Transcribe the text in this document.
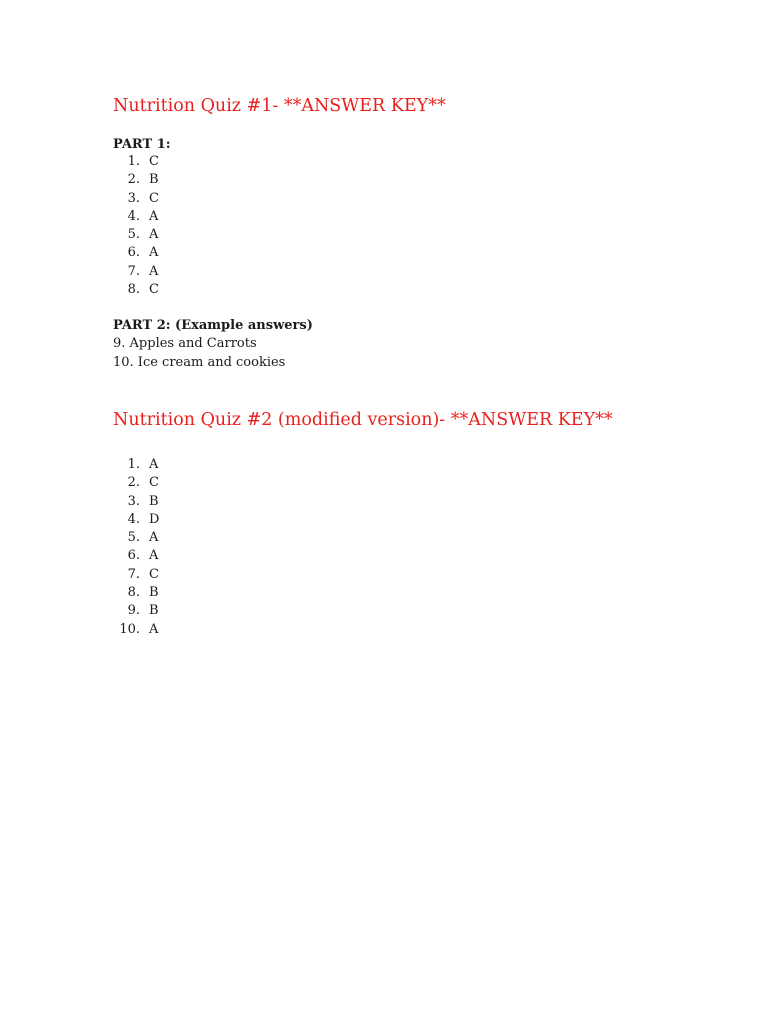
Nutrition Quiz #1- **ANSWER KEY**

PART 1:

1. C
2. B
3. C
4. A
5. A
6. A
7. A
8. C

PART 2: (Example answers)

9. Apples and Carrots
10. Ice cream and cookies
Nutrition Quiz #2 (modified version)- **ANSWER KEY**
1. A
2. C
3. B
4. D
5. A
6. A
7. C
8. B
9. B
10. A
